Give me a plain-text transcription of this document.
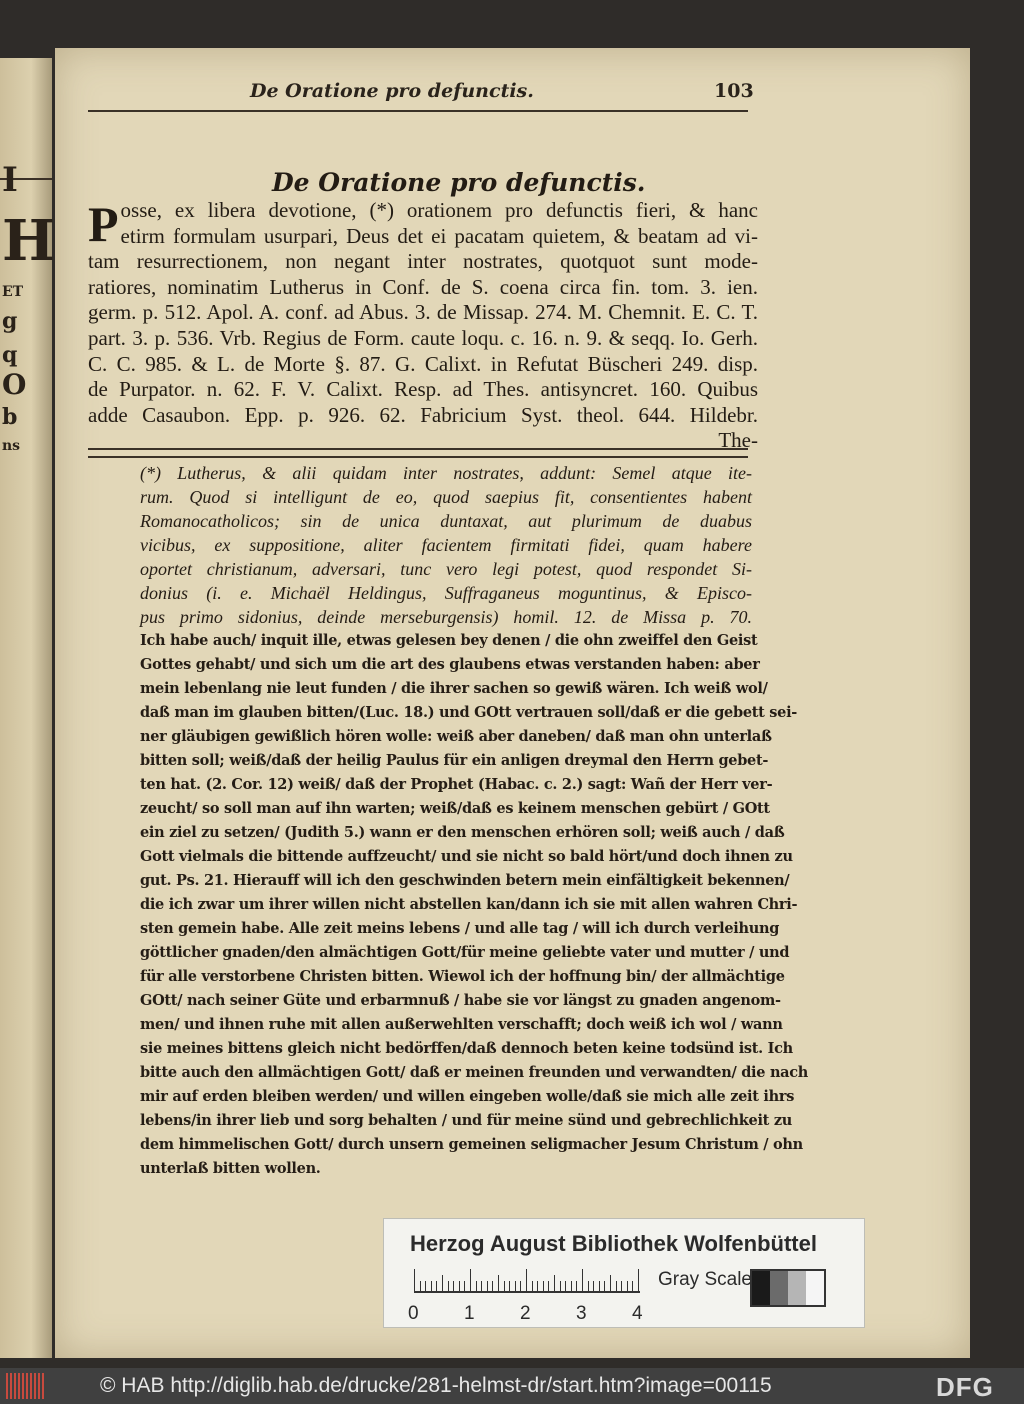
I
H
ET
g
q
O
b
ns
De Oratione pro defunctis.	103
De Oratione pro defunctis.
P osse, ex libera devotione, (*) orationem pro defunctis fieri, & hanc
etirm formulam usurpari, Deus det ei pacatam quietem, & beatam ad vi-
tam resurrectionem, non negant inter nostrates, quotquot sunt mode-
ratiores, nominatim Lutherus in Conf. de S. coena circa fin. tom. 3. ien.
germ. p. 512. Apol. A. conf. ad Abus. 3. de Missap. 274. M. Chemnit. E. C. T.
part. 3. p. 536. Vrb. Regius de Form. caute loqu. c. 16. n. 9. & seqq. Io. Gerh.
C. C. 985. & L. de Morte §. 87. G. Calixt. in Refutat Büscheri 249. disp.
de Purpator. n. 62. F. V. Calixt. Resp. ad Thes. antisyncret. 160. Quibus
adde Casaubon. Epp. p. 926. 62. Fabricium Syst. theol. 644. Hildebr.
The-
(*) Lutherus, & alii quidam inter nostrates, addunt: Semel atque ite-
rum. Quod si intelligunt de eo, quod saepius fit, consentientes habent
Romanocatholicos; sin de unica duntaxat, aut plurimum de duabus
vicibus, ex suppositione, aliter facientem firmitati fidei, quam habere
oportet christianum, adversari, tunc vero legi potest, quod respondet Si-
donius (i. e. Michaël Heldingus, Suffraganeus moguntinus, & Episco-
pus primo sidonius, deinde merseburgensis) homil. 12. de Missa p. 70.
Ich habe auch/ inquit ille, etwas gelesen bey denen / die ohn zweiffel den Geist
Gottes gehabt/ und sich um die art des glaubens etwas verstanden haben: aber
mein lebenlang nie leut funden / die ihrer sachen so gewiß wären. Ich weiß wol/
daß man im glauben bitten/(Luc. 18.) und GOtt vertrauen soll/daß er die gebett sei-
ner gläubigen gewißlich hören wolle: weiß aber daneben/ daß man ohn unterlaß
bitten soll; weiß/daß der heilig Paulus für ein anligen dreymal den Herrn gebet-
ten hat. (2. Cor. 12) weiß/ daß der Prophet (Habac. c. 2.) sagt: Wañ der Herr ver-
zeucht/ so soll man auf ihn warten; weiß/daß es keinem menschen gebürt / GOtt
ein ziel zu setzen/ (Judith 5.) wann er den menschen erhören soll; weiß auch / daß
Gott vielmals die bittende auffzeucht/ und sie nicht so bald hört/und doch ihnen zu
gut. Ps. 21. Hierauff will ich den geschwinden betern mein einfältigkeit bekennen/
die ich zwar um ihrer willen nicht abstellen kan/dann ich sie mit allen wahren Chri-
sten gemein habe. Alle zeit meins lebens / und alle tag / will ich durch verleihung
göttlicher gnaden/den almächtigen Gott/für meine geliebte vater und mutter / und
für alle verstorbene Christen bitten. Wiewol ich der hoffnung bin/ der allmächtige
GOtt/ nach seiner Güte und erbarmnuß / habe sie vor längst zu gnaden angenom-
men/ und ihnen ruhe mit allen außerwehlten verschafft; doch weiß ich wol / wann
sie meines bittens gleich nicht bedörffen/daß dennoch beten keine todsünd ist. Ich
bitte auch den allmächtigen Gott/ daß er meinen freunden und verwandten/ die nach
mir auf erden bleiben werden/ und willen eingeben wolle/daß sie mich alle zeit ihrs
lebens/in ihrer lieb und sorg behalten / und für meine sünd und gebrechlichkeit zu
dem himmelischen Gott/ durch unsern gemeinen seligmacher Jesum Christum / ohn
unterlaß bitten wollen.
Herzog August Bibliothek Wolfenbüttel
0 1 2 3 4
Gray Scale
© HAB http://diglib.hab.de/drucke/281-helmst-dr/start.htm?image=00115	DFG
